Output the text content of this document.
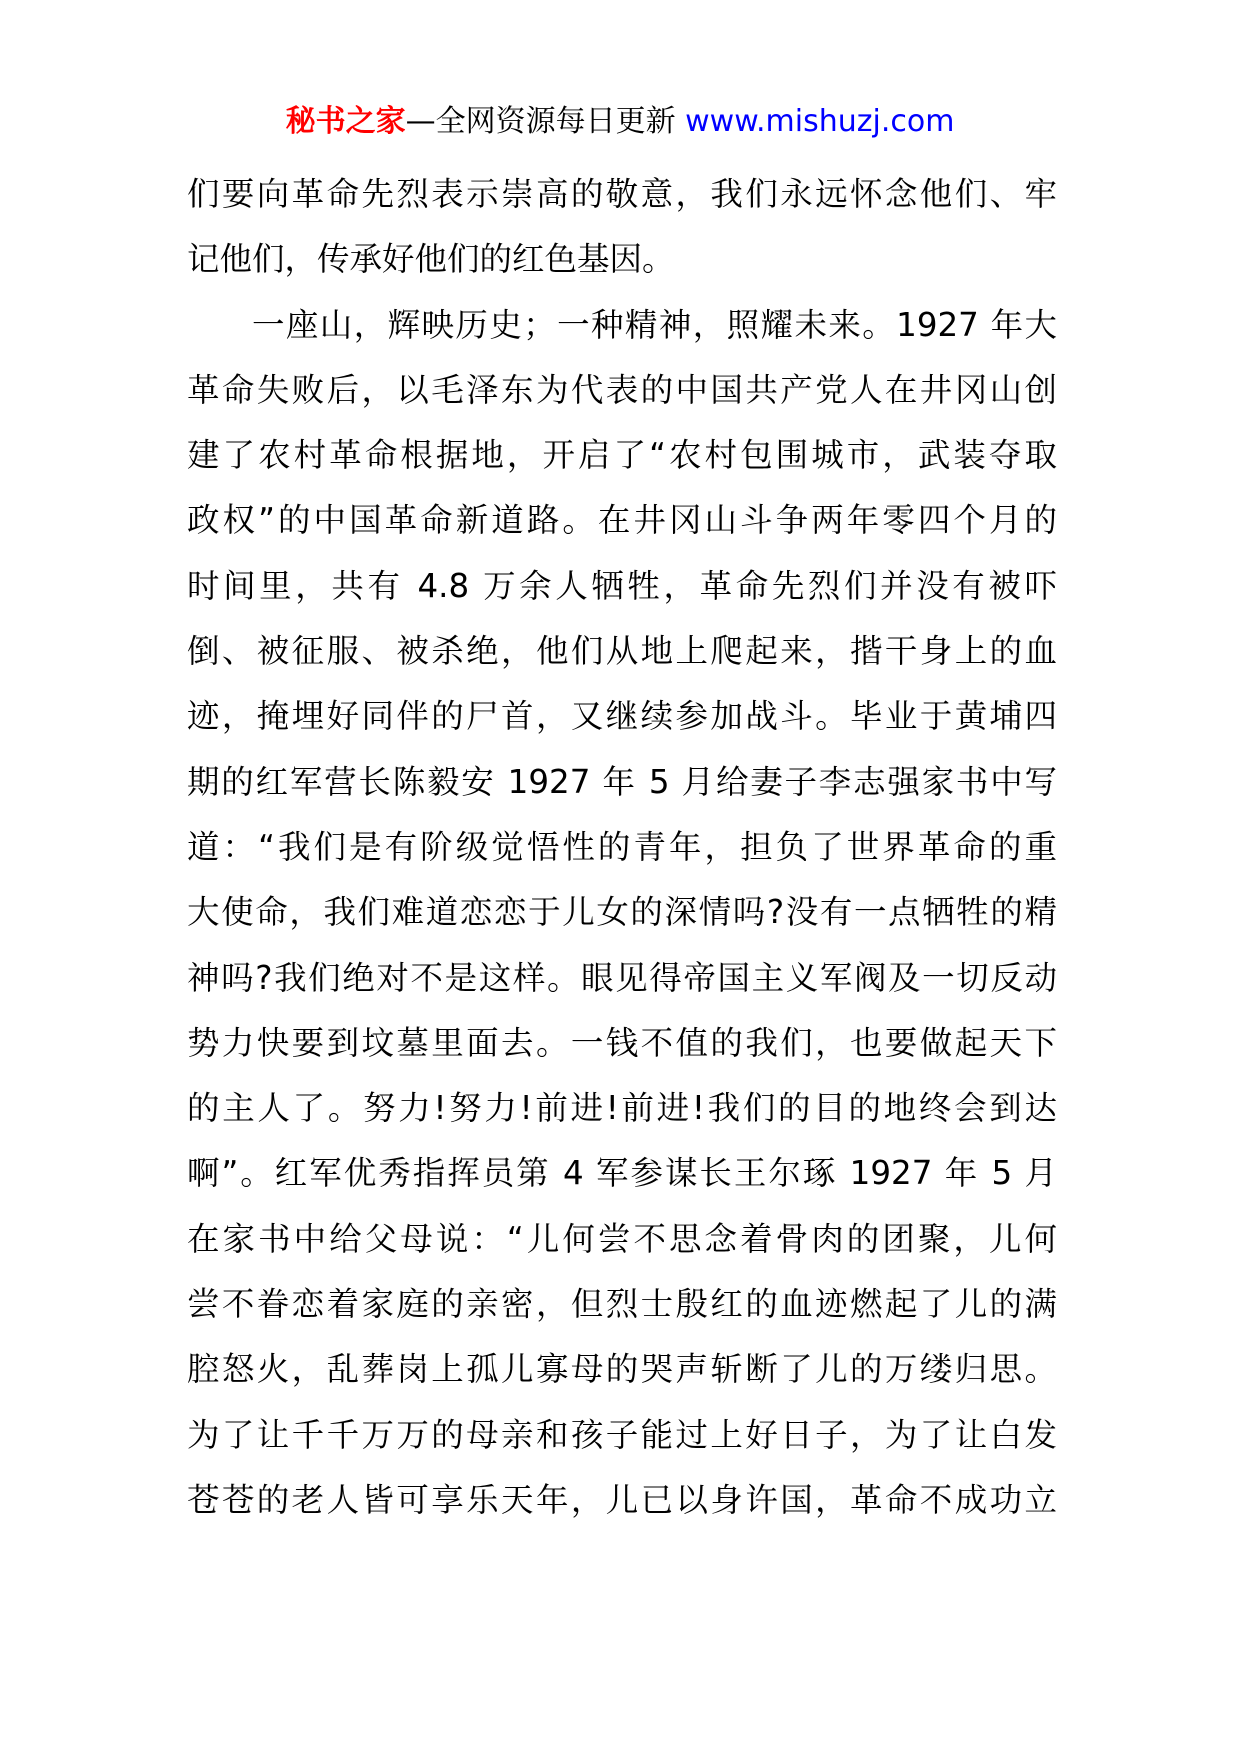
秘书之家—全网资源每日更新 www.mishuzj.com
们要向革命先烈表示崇高的敬意，我们永远怀念他们、牢
记他们，传承好他们的红色基因。
一座山，辉映历史；一种精神，照耀未来。1927 年大
革命失败后，以毛泽东为代表的中国共产党人在井冈山创
建了农村革命根据地，开启了“农村包围城市，武装夺取
政权”的中国革命新道路。在井冈山斗争两年零四个月的
时间里，共有 4.8 万余人牺牲，革命先烈们并没有被吓
倒、被征服、被杀绝，他们从地上爬起来，揩干身上的血
迹，掩埋好同伴的尸首，又继续参加战斗。毕业于黄埔四
期的红军营长陈毅安 1927 年 5 月给妻子李志强家书中写
道：“我们是有阶级觉悟性的青年，担负了世界革命的重
大使命，我们难道恋恋于儿女的深情吗?没有一点牺牲的精
神吗?我们绝对不是这样。眼见得帝国主义军阀及一切反动
势力快要到坟墓里面去。一钱不值的我们，也要做起天下
的主人了。努力!努力!前进!前进!我们的目的地终会到达
啊”。红军优秀指挥员第 4 军参谋长王尔琢 1927 年 5 月
在家书中给父母说：“儿何尝不思念着骨肉的团聚，儿何
尝不眷恋着家庭的亲密，但烈士殷红的血迹燃起了儿的满
腔怒火，乱葬岗上孤儿寡母的哭声斩断了儿的万缕归思。
为了让千千万万的母亲和孩子能过上好日子，为了让白发
苍苍的老人皆可享乐天年，儿已以身许国，革命不成功立
